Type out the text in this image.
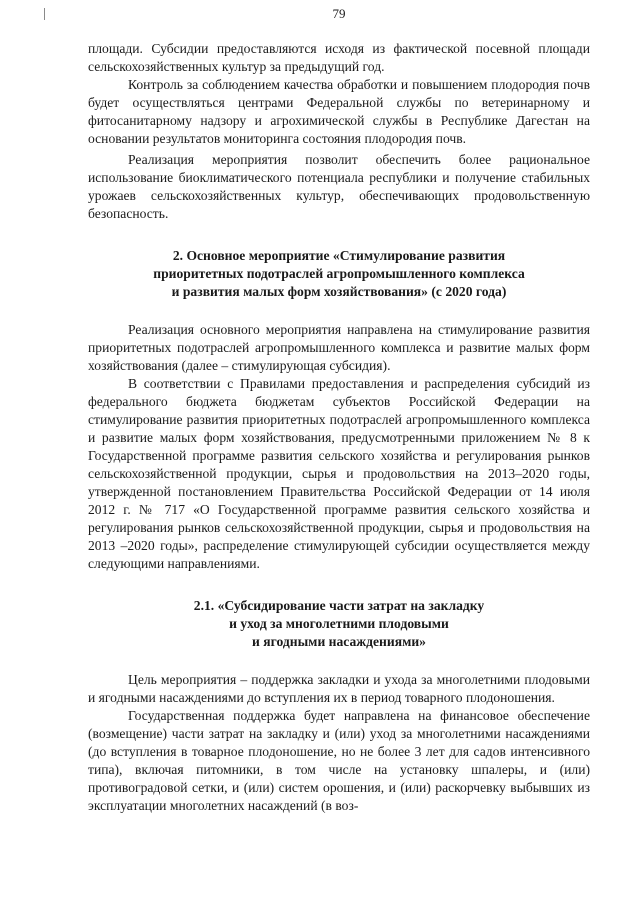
79

площади. Субсидии предоставляются исходя из фактической посевной площади сельскохозяйственных культур за предыдущий год.

Контроль за соблюдением качества обработки и повышением плодородия почв будет осуществляться центрами Федеральной службы по ветеринарному и фитосанитарному надзору и агрохимической службы в Республике Дагестан на основании результатов мониторинга состояния плодородия почв.

Реализация мероприятия позволит обеспечить более рациональное использование биоклиматического потенциала республики и получение стабильных урожаев сельскохозяйственных культур, обеспечивающих продовольственную безопасность.

2. Основное мероприятие «Стимулирование развития
приоритетных подотраслей агропромышленного комплекса
и развития малых форм хозяйствования» (с 2020 года)

Реализация основного мероприятия направлена на стимулирование развития приоритетных подотраслей агропромышленного комплекса и развитие малых форм хозяйствования (далее – стимулирующая субсидия).

В соответствии с Правилами предоставления и распределения субсидий из федерального бюджета бюджетам субъектов Российской Федерации на стимулирование развития приоритетных подотраслей агропромышленного комплекса и развитие малых форм хозяйствования, предусмотренными приложением № 8 к Государственной программе развития сельского хозяйства и регулирования рынков сельскохозяйственной продукции, сырья и продовольствия на 2013–2020 годы, утвержденной постановлением Правительства Российской Федерации от 14 июля 2012 г. № 717 «О Государственной программе развития сельского хозяйства и регулирования рынков сельскохозяйственной продукции, сырья и продовольствия на 2013 –2020 годы», распределение стимулирующей субсидии осуществляется между следующими направлениями.

2.1. «Субсидирование части затрат на закладку
и уход за многолетними плодовыми
и ягодными насаждениями»

Цель мероприятия – поддержка закладки и ухода за многолетними плодовыми и ягодными насаждениями до вступления их в период товарного плодоношения.

Государственная поддержка будет направлена на финансовое обеспечение (возмещение) части затрат на закладку и (или) уход за многолетними насаждениями (до вступления в товарное плодоношение, но не более 3 лет для садов интенсивного типа), включая питомники, в том числе на установку шпалеры, и (или) противоградовой сетки, и (или) систем орошения, и (или) раскорчевку выбывших из эксплуатации многолетних насаждений (в воз-
